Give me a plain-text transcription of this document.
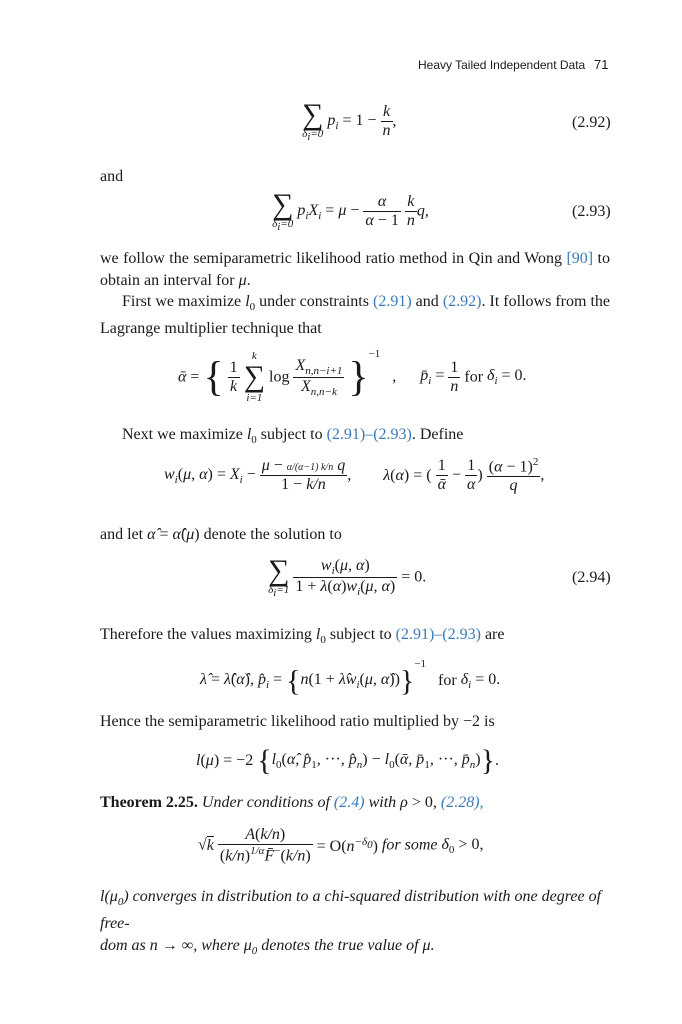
Heavy Tailed Independent Data 71
∑
$\delta_i=0$
$p_i = 1 - \frac{k}{n}$ ,	(2.92)
and
∑
$\delta_i=0$
$p_iX_i = \mu - \frac{\alpha}{\alpha - 1}$
$\frac{k}{n} q$,	(2.93)
we follow the semiparametric likelihood ratio method in Qin and Wong [90] to obtain an interval for μ.
First we maximize $l_0$ under constraints (2.91) and (2.92). It follows from the Lagrange multiplier technique that
ᾱ = { $\frac{1}{k}$

k
∑
i=1
$\log \frac{X_{n,n-i+1}}{X_{n,n-k}} \}^{-1}$ , $p̄_i = \frac{1}{n}$ for $\delta_i = 0$.
Next we maximize $l_0$ subject to (2.91)–(2.93). Define
$w_i(\mu$, $\alpha) = X_i - \frac{\text{μ − α/(α−1) k/n q}}{1 - k/n}$ , λ(α) = ( $\frac{1}{\text{ᾱ}} - \frac{1}{\alpha}$ ) $\frac{(\alpha - 1)^2}{q}$ ,
and let α̂ = α̂(μ) denote the solution to
∑
$\delta_i=1$
$\frac{w_i(\mu, \alpha)}{1 + \lambda(\alpha)w_i(\mu, \alpha)} = 0$.	(2.94)
Therefore the values maximizing $l_0$ subject to (2.91)–(2.93) are
λ̂ = λ̂(α̂), $p̂_i = \{n(1$ + $\lambdâw_i(\mu$, α̂))}$^{-1}$ for $\delta_i = 0$.
Hence the semiparametric likelihood ratio multiplied by −2 is
l(μ) = −2 {$l_0(\alphâ$, $p̂_1$, ···, $p̂_n$) − $l_0(ᾱ$, $p̄_1$, ···, $p̄_n$)}.
Theorem 2.25. Under conditions of (2.4) with ρ > 0, (2.28),
$√k \frac{A(k/n)}{(k/n)^{1/\alpha}F̄^-(k/n)} = O(n^{-\delta_0})$ for some $\delta_0 > 0$,
$l(\mu_0)$ converges in distribution to a chi-squared distribution with one degree of free-
dom as n → ∞, where $\mu_0$ denotes the true value of μ.
